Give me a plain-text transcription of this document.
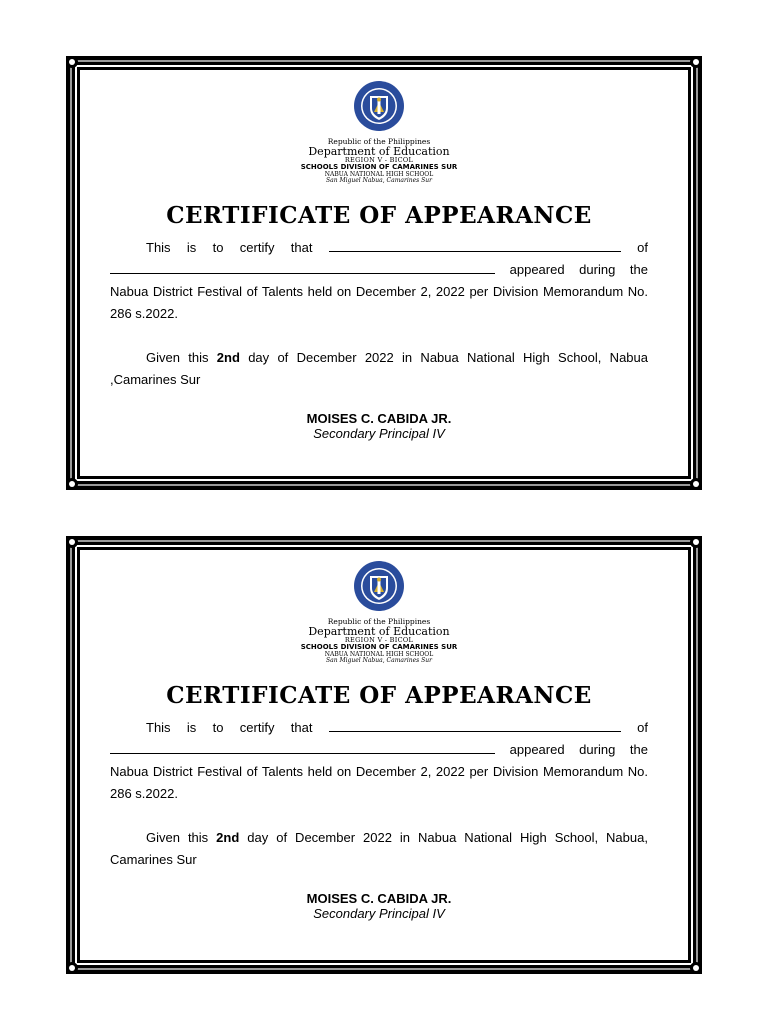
Republic of the Philippines
Department of Education
REGION V - BICOL
SCHOOLS DIVISION OF CAMARINES SUR
NABUA NATIONAL HIGH SCHOOL
San Miguel Nabua, Camarines Sur
CERTIFICATE OF APPEARANCE

This is to certify that	of  appeared during the Nabua District Festival of Talents held on December 2, 2022 per Division Memorandum No. 286 s.2022.

Given this 2nd day of December 2022 in Nabua National High School, Nabua ,Camarines Sur

MOISES C. CABIDA JR.
Secondary Principal IV
Republic of the Philippines
Department of Education
REGION V - BICOL
SCHOOLS DIVISION OF CAMARINES SUR
NABUA NATIONAL HIGH SCHOOL
San Miguel Nabua, Camarines Sur
CERTIFICATE OF APPEARANCE

This is to certify that	of  appeared during the Nabua District Festival of Talents held on December 2, 2022 per Division Memorandum No. 286 s.2022.

Given this 2nd day of December 2022 in Nabua National High School, Nabua, Camarines Sur

MOISES C. CABIDA JR.
Secondary Principal IV
